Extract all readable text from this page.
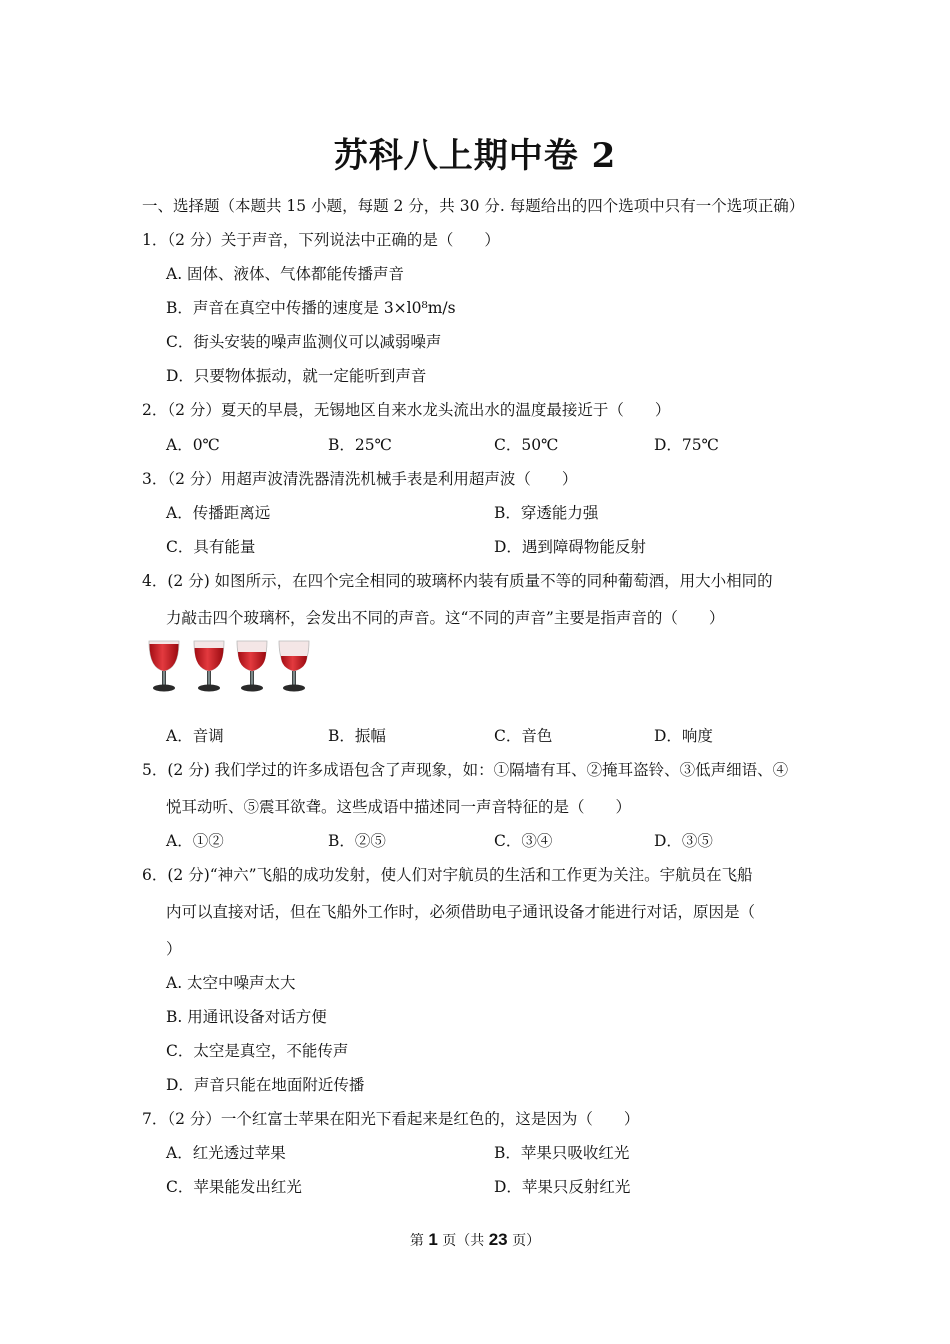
苏科八上期中卷 2
一、选择题（本题共 15 小题，每题 2 分，共 30 分. 每题给出的四个选项中只有一个选项正确）
1．（2 分）关于声音，下列说法中正确的是（　　）
A. 固体、液体、气体都能传播声音
B．声音在真空中传播的速度是 3×l0⁸m/s
C．街头安装的噪声监测仪可以减弱噪声
D．只要物体振动，就一定能听到声音
2．（2 分）夏天的早晨，无锡地区自来水龙头流出水的温度最接近于（　　）
A．0℃	B．25℃	C．50℃	D．75℃
3．（2 分）用超声波清洗器清洗机械手表是利用超声波（　　）
A．传播距离远	B．穿透能力强
C．具有能量	D．遇到障碍物能反射
4．(2 分) 如图所示，在四个完全相同的玻璃杯内装有质量不等的同种葡萄酒，用大小相同的
力敲击四个玻璃杯，会发出不同的声音。这“不同的声音”主要是指声音的（　　）
A．音调	B．振幅	C．音色	D．响度
5．(2 分) 我们学过的许多成语包含了声现象，如：①隔墙有耳、②掩耳盗铃、③低声细语、④
悦耳动听、⑤震耳欲聋。这些成语中描述同一声音特征的是（　　）
A．①②	B．②⑤	C．③④	D．③⑤
6．(2 分)“神六”飞船的成功发射，使人们对宇航员的生活和工作更为关注。宇航员在飞船
内可以直接对话，但在飞船外工作时，必须借助电子通讯设备才能进行对话，原因是（
）
A. 太空中噪声太大
B. 用通讯设备对话方便
C．太空是真空，不能传声
D．声音只能在地面附近传播
7．（2 分）一个红富士苹果在阳光下看起来是红色的，这是因为（　　）
A．红光透过苹果	B．苹果只吸收红光
C．苹果能发出红光	D．苹果只反射红光
第 1 页（共 23 页）
